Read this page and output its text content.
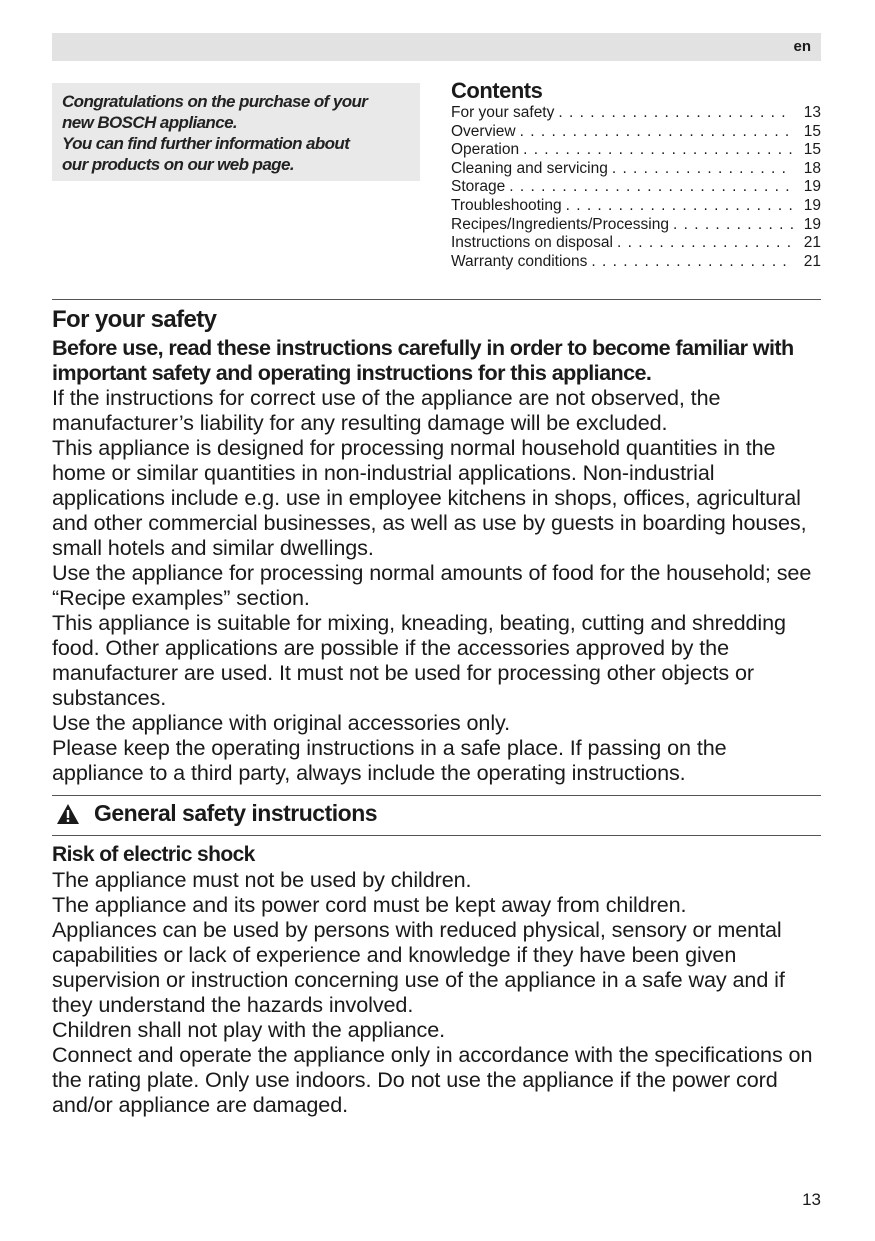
en
Congratulations on the purchase of your
new BOSCH appliance.
You can find further information about
our products on our web page.
Contents
For your safety . . .	13
Overview . . .	15
Operation . . .	15
Cleaning and servicing . . .	18
Storage . . .	19
Troubleshooting . . .	19
Recipes/Ingredients/Processing . . .	19
Instructions on disposal . . .	21
Warranty conditions . . .	21
For your safety

Before use, read these instructions carefully in order to become familiar with important safety and operating instructions for this appliance.

If the instructions for correct use of the appliance are not observed, the manufacturer’s liability for any resulting damage will be excluded.

This appliance is designed for processing normal household quantities in the home or similar quantities in non-industrial applications. Non-industrial applications include e.g. use in employee kitchens in shops, offices, agricultural and other commercial businesses, as well as use by guests in boarding houses, small hotels and similar dwellings.

Use the appliance for processing normal amounts of food for the household; see “Recipe examples” section.

This appliance is suitable for mixing, kneading, beating, cutting and shredding food. Other applications are possible if the accessories approved by the manufacturer are used. It must not be used for processing other objects or substances.

Use the appliance with original accessories only.

Please keep the operating instructions in a safe place. If passing on the appliance to a third party, always include the operating instructions.

General safety instructions

Risk of electric shock

The appliance must not be used by children.

The appliance and its power cord must be kept away from children.

Appliances can be used by persons with reduced physical, sensory or mental capabilities or lack of experience and knowledge if they have been given supervision or instruction concerning use of the appliance in a safe way and if they understand the hazards involved.

Children shall not play with the appliance.

Connect and operate the appliance only in accordance with the specifications on the rating plate. Only use indoors. Do not use the appliance if the power cord and/or appliance are damaged.

13
